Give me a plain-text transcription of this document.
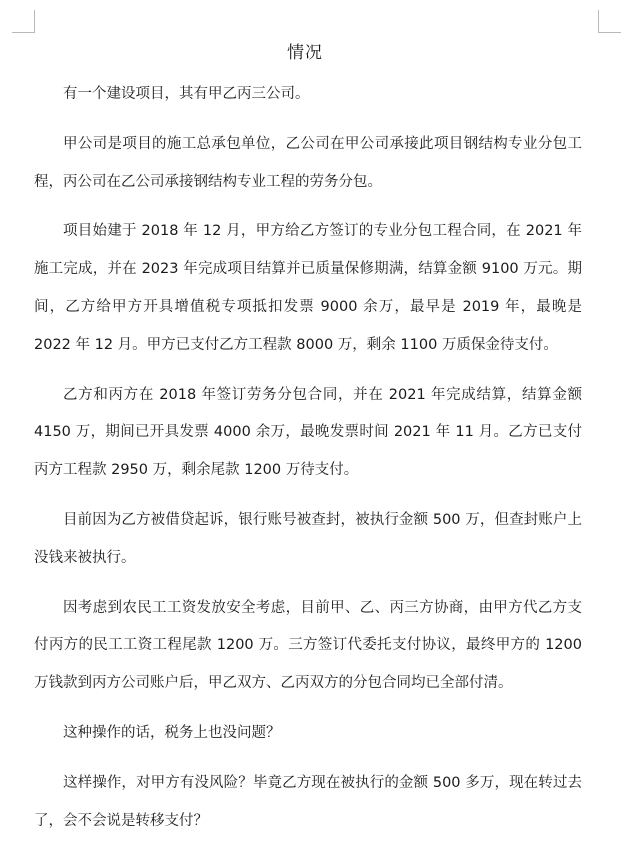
情况

有一个建设项目，其有甲乙丙三公司。

甲公司是项目的施工总承包单位，乙公司在甲公司承接此项目钢结构专业分包工程，丙公司在乙公司承接钢结构专业工程的劳务分包。

项目始建于 2018 年 12 月，甲方给乙方签订的专业分包工程合同，在 2021 年施工完成，并在 2023 年完成项目结算并已质量保修期满，结算金额 9100 万元。期间，乙方给甲方开具增值税专项抵扣发票 9000 余万，最早是 2019 年，最晚是 2022 年 12 月。甲方已支付乙方工程款 8000 万，剩余 1100 万质保金待支付。

乙方和丙方在 2018 年签订劳务分包合同，并在 2021 年完成结算，结算金额 4150 万，期间已开具发票 4000 余万，最晚发票时间 2021 年 11 月。乙方已支付丙方工程款 2950 万，剩余尾款 1200 万待支付。

目前因为乙方被借贷起诉，银行账号被查封，被执行金额 500 万，但查封账户上没钱来被执行。

因考虑到农民工工资发放安全考虑，目前甲、乙、丙三方协商，由甲方代乙方支付丙方的民工工资工程尾款 1200 万。三方签订代委托支付协议，最终甲方的 1200 万钱款到丙方公司账户后，甲乙双方、乙丙双方的分包合同均已全部付清。

这种操作的话，税务上也没问题？

这样操作，对甲方有没风险？毕竟乙方现在被执行的金额 500 多万，现在转过去了，会不会说是转移支付？
